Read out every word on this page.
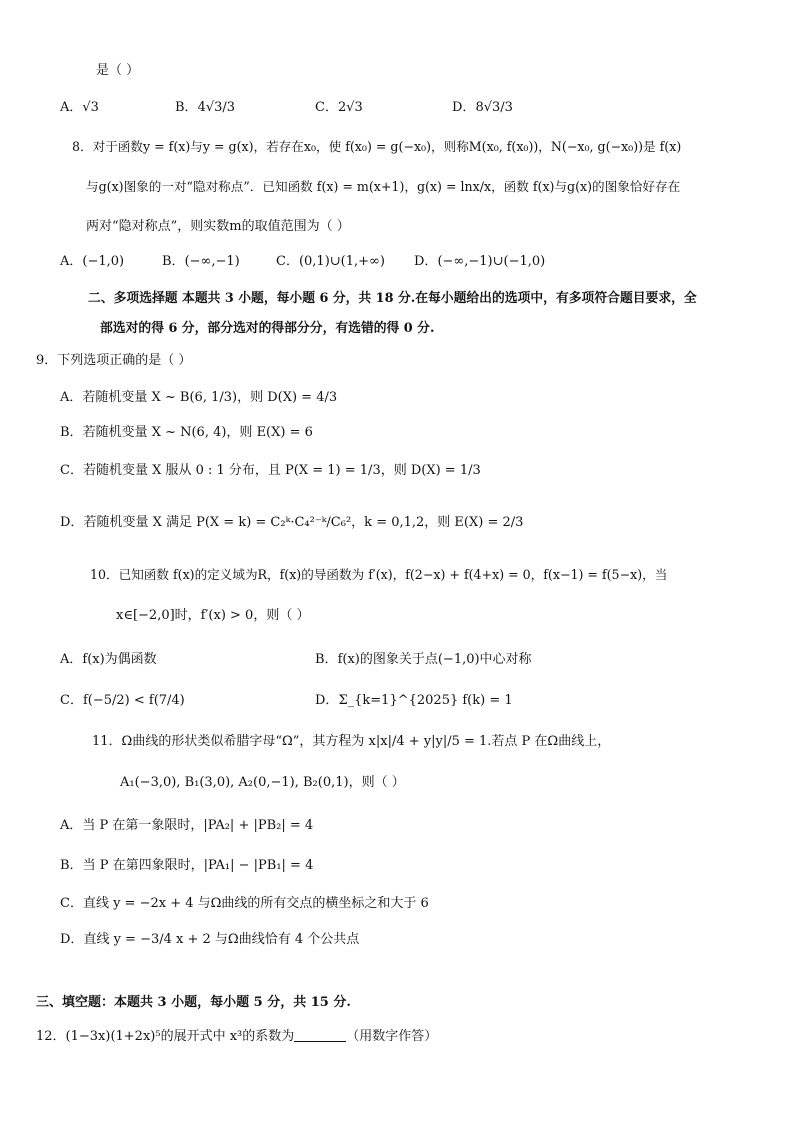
是（ ）
A．√3	B．4√3/3	C．2√3	D．8√3/3
8．对于函数y = f(x)与y = g(x)，若存在x₀，使 f(x₀) = g(−x₀)，则称M(x₀, f(x₀))，N(−x₀, g(−x₀))是 f(x)
与g(x)图象的一对“隐对称点”．已知函数 f(x) = m(x+1)，g(x) = lnx/x，函数 f(x)与g(x)的图象恰好存在
两对“隐对称点”，则实数m的取值范围为（ ）
A．(−1,0)	B．(−∞,−1)	C．(0,1)∪(1,+∞) D．(−∞,−1)∪(−1,0)
二、多项选择题 本题共 3 小题，每小题 6 分，共 18 分.在每小题给出的选项中，有多项符合题目要求，全
部选对的得 6 分，部分选对的得部分分，有选错的得 0 分.
9．下列选项正确的是（ ）
A．若随机变量 X ~ B(6, 1/3)，则 D(X) = 4/3
B．若随机变量 X ~ N(6, 4)，则 E(X) = 6
C．若随机变量 X 服从 0 : 1 分布，且 P(X = 1) = 1/3，则 D(X) = 1/3
D．若随机变量 X 满足 P(X = k) = C₂ᵏ·C₄²⁻ᵏ/C₆²，k = 0,1,2，则 E(X) = 2/3
10．已知函数 f(x)的定义域为R，f(x)的导函数为 f′(x)，f(2−x) + f(4+x) = 0，f(x−1) = f(5−x)，当
x∈[−2,0]时，f′(x) > 0，则（ ）
A．f(x)为偶函数	B．f(x)的图象关于点(−1,0)中心对称
C．f(−5/2) < f(7/4)	D．Σ_{k=1}^{2025} f(k) = 1
11．Ω曲线的形状类似希腊字母“Ω”，其方程为 x|x|/4 + y|y|/5 = 1.若点 P 在Ω曲线上，
A₁(−3,0), B₁(3,0), A₂(0,−1), B₂(0,1)，则（ ）
A．当 P 在第一象限时，|PA₂| + |PB₂| = 4
B．当 P 在第四象限时，|PA₁| − |PB₁| = 4
C．直线 y = −2x + 4 与Ω曲线的所有交点的横坐标之和大于 6
D．直线 y = −3/4 x + 2 与Ω曲线恰有 4 个公共点
三、填空题：本题共 3 小题，每小题 5 分，共 15 分.
12．(1−3x)(1+2x)⁵的展开式中 x³的系数为	（用数字作答）
